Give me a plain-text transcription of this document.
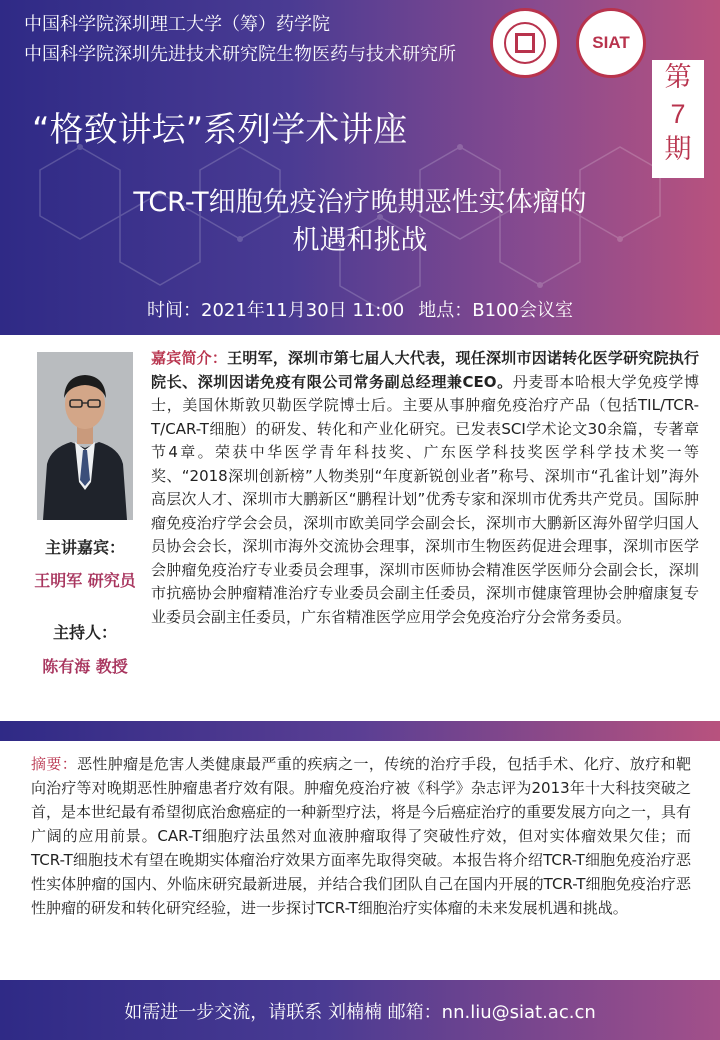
中国科学院深圳理工大学（筹）药学院
中国科学院深圳先进技术研究院生物医药与技术研究所
SIAT
第
7
期
“格致讲坛”系列学术讲座
TCR-T细胞免疫治疗晚期恶性实体瘤的
机遇和挑战
时间：2021年11月30日 11:00 地点：B100会议室
主讲嘉宾：
王明军 研究员
主持人：
陈有海 教授
嘉宾简介：王明军，深圳市第七届人大代表，现任深圳市因诺转化医学研究院执行院长、深圳因诺免疫有限公司常务副总经理兼CEO。丹麦哥本哈根大学免疫学博士，美国休斯敦贝勒医学院博士后。主要从事肿瘤免疫治疗产品（包括TIL/TCR-T/CAR-T细胞）的研发、转化和产业化研究。已发表SCI学术论文30余篇，专著章节4章。荣获中华医学青年科技奖、广东医学科技奖医学科学技术奖一等奖、“2018深圳创新榜”人物类别“年度新锐创业者”称号、深圳市“孔雀计划”海外高层次人才、深圳市大鹏新区“鹏程计划”优秀专家和深圳市优秀共产党员。国际肿瘤免疫治疗学会会员，深圳市欧美同学会副会长，深圳市大鹏新区海外留学归国人员协会会长，深圳市海外交流协会理事，深圳市生物医药促进会理事，深圳市医学会肿瘤免疫治疗专业委员会理事，深圳市医师协会精准医学医师分会副会长，深圳市抗癌协会肿瘤精准治疗专业委员会副主任委员，深圳市健康管理协会肿瘤康复专业委员会副主任委员，广东省精准医学应用学会免疫治疗分会常务委员。
摘要：恶性肿瘤是危害人类健康最严重的疾病之一，传统的治疗手段，包括手术、化疗、放疗和靶向治疗等对晚期恶性肿瘤患者疗效有限。肿瘤免疫治疗被《科学》杂志评为2013年十大科技突破之首，是本世纪最有希望彻底治愈癌症的一种新型疗法，将是今后癌症治疗的重要发展方向之一，具有广阔的应用前景。CAR-T细胞疗法虽然对血液肿瘤取得了突破性疗效，但对实体瘤效果欠佳；而TCR-T细胞技术有望在晚期实体瘤治疗效果方面率先取得突破。本报告将介绍TCR-T细胞免疫治疗恶性实体肿瘤的国内、外临床研究最新进展，并结合我们团队自己在国内开展的TCR-T细胞免疫治疗恶性肿瘤的研发和转化研究经验，进一步探讨TCR-T细胞治疗实体瘤的未来发展机遇和挑战。
如需进一步交流，请联系 刘楠楠 邮箱：nn.liu@siat.ac.cn
